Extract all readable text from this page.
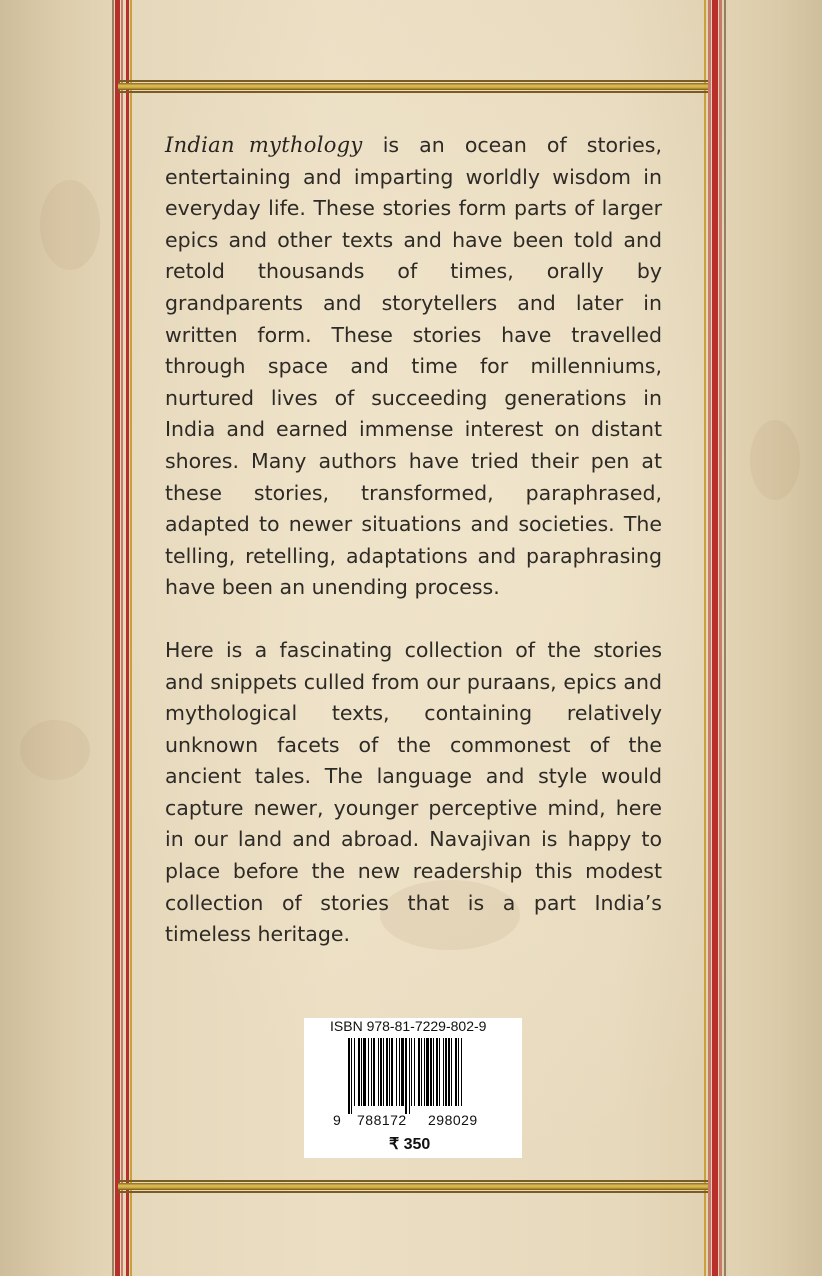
Indian mythology is an ocean of stories, entertaining and imparting worldly wisdom in everyday life. These stories form parts of larger epics and other texts and have been told and retold thousands of times, orally by grandparents and storytellers and later in written form. These stories have travelled through space and time for millenniums, nurtured lives of succeeding generations in India and earned immense interest on distant shores. Many authors have tried their pen at these stories, transformed, paraphrased, adapted to newer situations and societies. The telling, retelling, adaptations and paraphrasing have been an unending process.

Here is a fascinating collection of the stories and snippets culled from our puraans, epics and mythological texts, containing relatively unknown facets of the commonest of the ancient tales. The language and style would capture newer, younger perceptive mind, here in our land and abroad. Navajivan is happy to place before the new readership this modest collection of stories that is a part India’s timeless heritage.

ISBN 978-81-7229-802-9
9 788172 298029
₹ 350
